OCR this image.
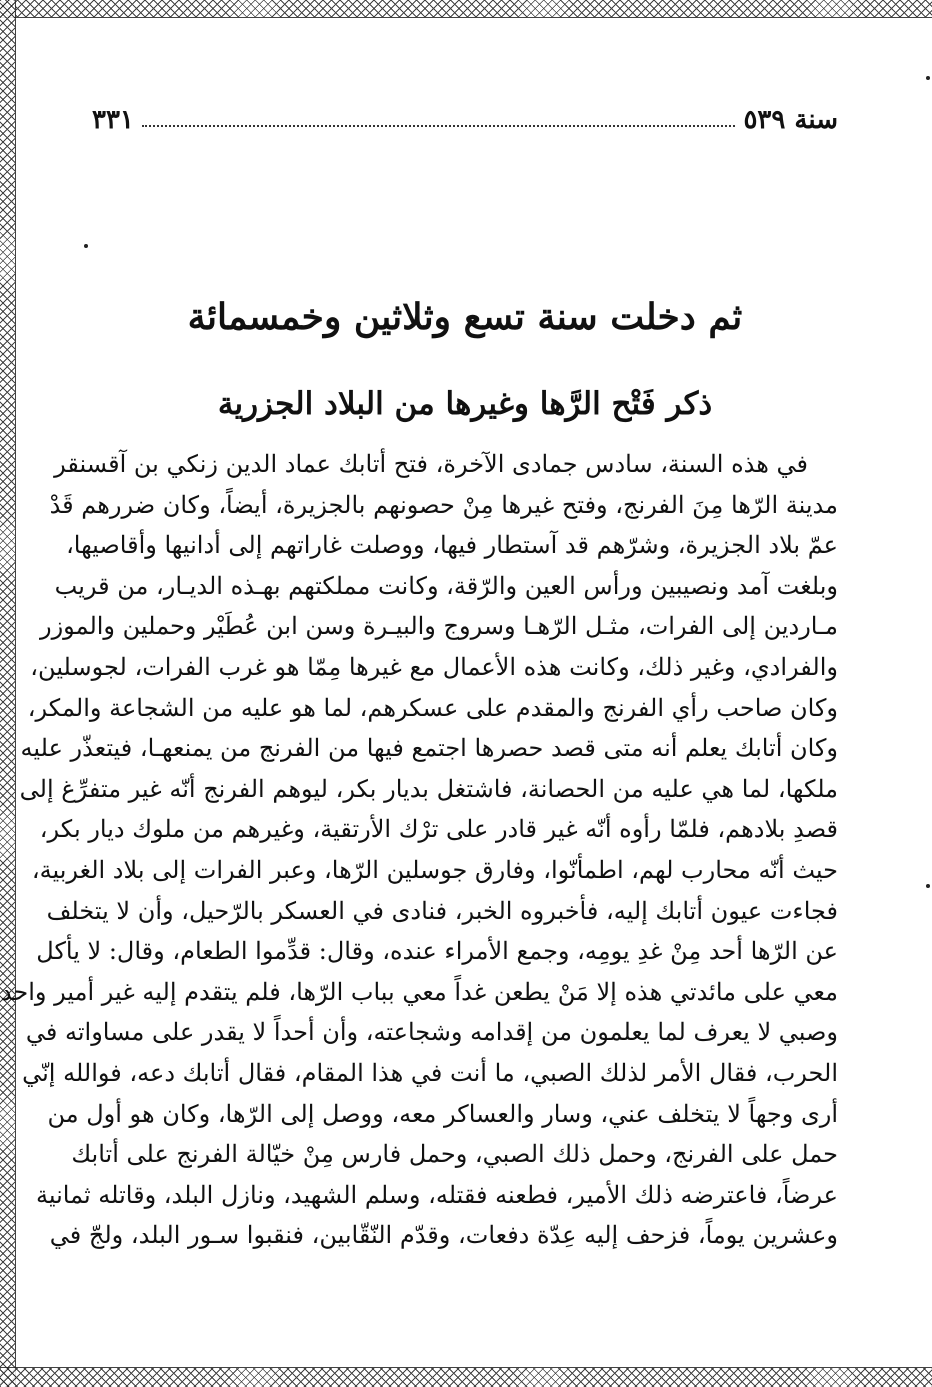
٣٣١	سنة ٥٣٩
ثم دخلت سنة تسع وثلاثين وخمسمائة
ذكر فَتْح الرَّها وغيرها من البلاد الجزرية
في هذه السنة، سادس جمادى الآخرة، فتح أتابك عماد الدين زنكي بن آقسنقر
مدينة الرّها مِنَ الفرنج، وفتح غيرها مِنْ حصونهم بالجزيرة، أيضاً، وكان ضررهم قَدْ
عمّ بلاد الجزيرة، وشرّهم قد آستطار فيها، ووصلت غاراتهم إلى أدانيها وأقاصيها،
وبلغت آمد ونصيبين ورأس العين والرّقة، وكانت مملكتهم بهـذه الديـار، من قريب
مـاردين إلى الفرات، مثـل الرّهـا وسروج والبيـرة وسن ابن عُطَيْر وحملين والموزر
والفرادي، وغير ذلك، وكانت هذه الأعمال مع غيرها مِمّا هو غرب الفرات، لجوسلين،
وكان صاحب رأي الفرنج والمقدم على عسكرهم، لما هو عليه من الشجاعة والمكر،
وكان أتابك يعلم أنه متى قصد حصرها اجتمع فيها من الفرنج من يمنعهـا، فيتعذّر عليه
ملكها، لما هي عليه من الحصانة، فاشتغل بديار بكر، ليوهم الفرنج أنّه غير متفرِّغ إلى
قصدِ بلادهم، فلمّا رأوه أنّه غير قادر على ترْك الأرتقية، وغيرهم من ملوك ديار بكر،
حيث أنّه محارب لهم، اطمأنّوا، وفارق جوسلين الرّها، وعبر الفرات إلى بلاد الغربية،
فجاءت عيون أتابك إليه، فأخبروه الخبر، فنادى في العسكر بالرّحيل، وأن لا يتخلف
عن الرّها أحد مِنْ غدِ يومِه، وجمع الأمراء عنده، وقال: قدِّموا الطعام، وقال: لا يأكل
معي على مائدتي هذه إلا مَنْ يطعن غداً معي بباب الرّها، فلم يتقدم إليه غير أمير واحد
وصبي لا يعرف لما يعلمون من إقدامه وشجاعته، وأن أحداً لا يقدر على مساواته في
الحرب، فقال الأمر لذلك الصبي، ما أنت في هذا المقام، فقال أتابك دعه، فوالله إنّي
أرى وجهاً لا يتخلف عني، وسار والعساكر معه، ووصل إلى الرّها، وكان هو أول من
حمل على الفرنج، وحمل ذلك الصبي، وحمل فارس مِنْ خيّالة الفرنج على أتابك
عرضاً، فاعترضه ذلك الأمير، فطعنه فقتله، وسلم الشهيد، ونازل البلد، وقاتله ثمانية
وعشرين يوماً، فزحف إليه عِدّة دفعات، وقدّم النّقّابين، فنقبوا سـور البلد، ولجّ في
